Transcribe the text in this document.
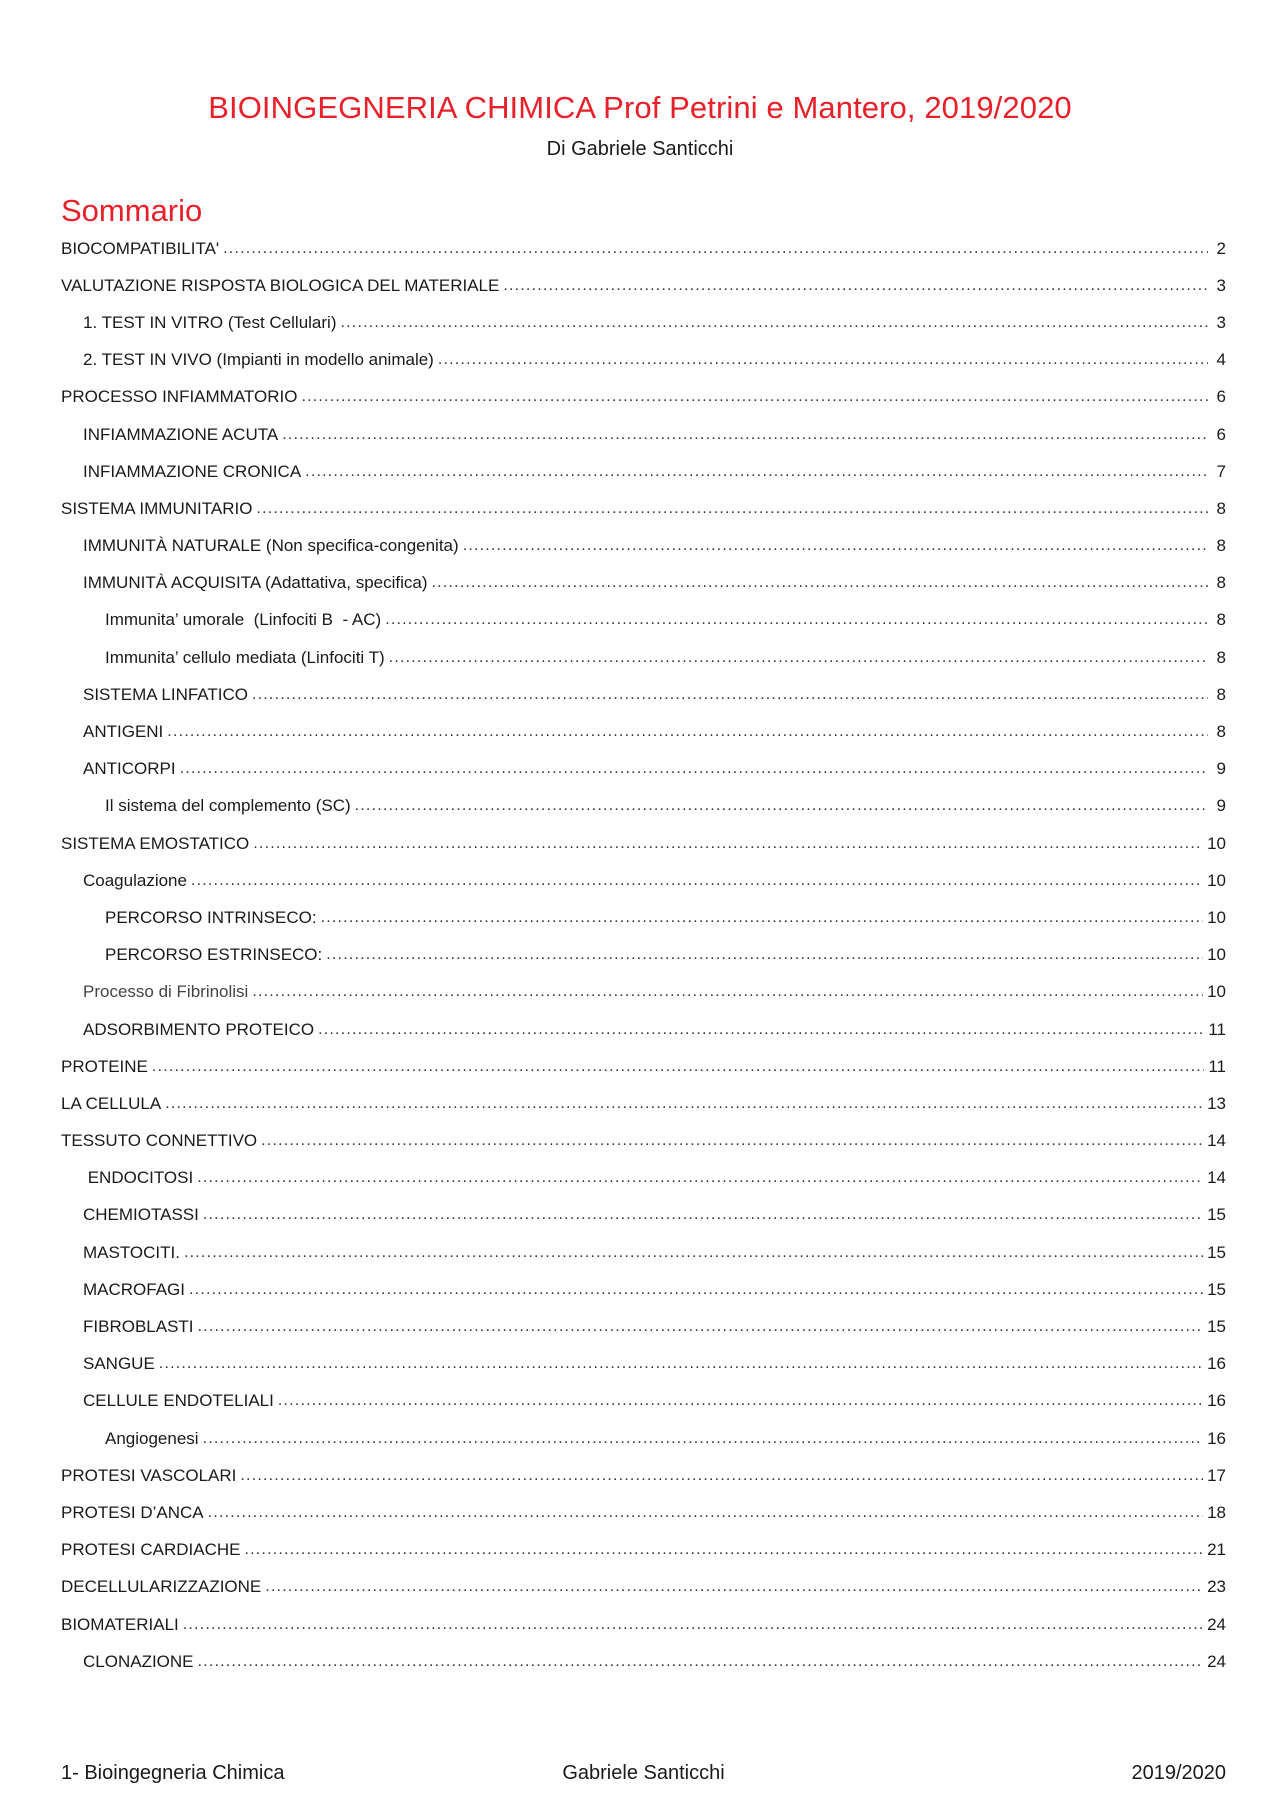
BIOINGEGNERIA CHIMICA Prof Petrini e Mantero, 2019/2020
Di Gabriele Santicchi
Sommario
BIOCOMPATIBILITA' .....	2
VALUTAZIONE RISPOSTA BIOLOGICA DEL MATERIALE .....	3
1. TEST IN VITRO (Test Cellulari) .....	3
2. TEST IN VIVO (Impianti in modello animale) .....	4
PROCESSO INFIAMMATORIO .....	6
INFIAMMAZIONE ACUTA .....	6
INFIAMMAZIONE CRONICA .....	7
SISTEMA IMMUNITARIO .....	8
IMMUNITÀ NATURALE (Non specifica-congenita) .....	8
IMMUNITÀ ACQUISITA (Adattativa, specifica) .....	8
Immunita’ umorale  (Linfociti B  - AC) .....	8
Immunita’ cellulo mediata (Linfociti T) .....	8
SISTEMA LINFATICO .....	8
ANTIGENI .....	8
ANTICORPI .....	9
Il sistema del complemento (SC) .....	9
SISTEMA EMOSTATICO .....	10
Coagulazione .....	10
PERCORSO INTRINSECO: .....	10
PERCORSO ESTRINSECO: .....	10
Processo di Fibrinolisi .....	10
ADSORBIMENTO PROTEICO .....	11
PROTEINE .....	11
LA CELLULA .....	13
TESSUTO CONNETTIVO .....	14
ENDOCITOSI .....	14
CHEMIOTASSI .....	15
MASTOCITI. .....	15
MACROFAGI .....	15
FIBROBLASTI .....	15
SANGUE .....	16
CELLULE ENDOTELIALI .....	16
Angiogenesi .....	16
PROTESI VASCOLARI .....	17
PROTESI D’ANCA .....	18
PROTESI CARDIACHE .....	21
DECELLULARIZZAZIONE .....	23
BIOMATERIALI .....	24
CLONAZIONE .....	24
1- Bioingegneria Chimica	Gabriele Santicchi	2019/2020
